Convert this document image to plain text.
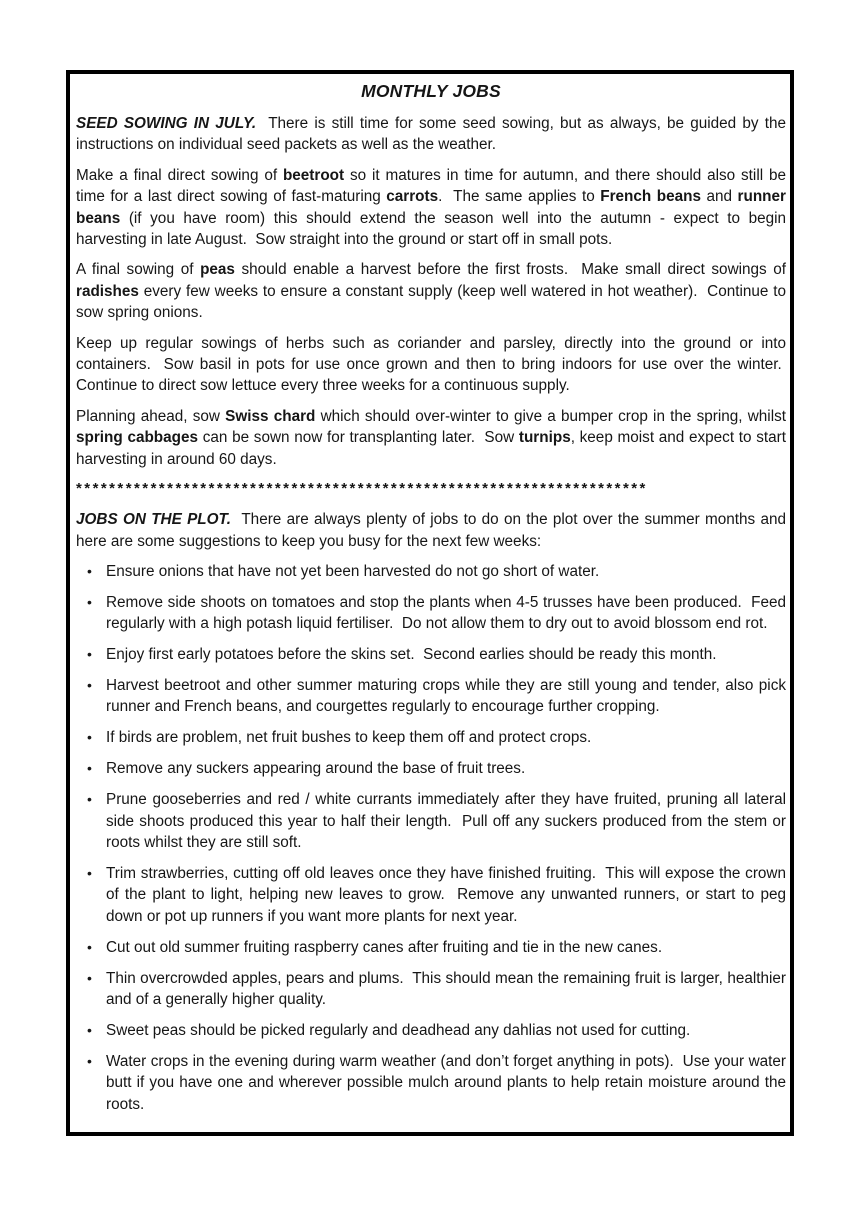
MONTHLY JOBS

SEED SOWING IN JULY.  There is still time for some seed sowing, but as always, be guided by the instructions on individual seed packets as well as the weather.

Make a final direct sowing of beetroot so it matures in time for autumn, and there should also still be time for a last direct sowing of fast-maturing carrots.  The same applies to French beans and runner beans (if you have room) this should extend the season well into the autumn - expect to begin harvesting in late August.  Sow straight into the ground or start off in small pots.

A final sowing of peas should enable a harvest before the first frosts.  Make small direct sowings of radishes every few weeks to ensure a constant supply (keep well watered in hot weather).  Continue to sow spring onions.

Keep up regular sowings of herbs such as coriander and parsley, directly into the ground or into containers.  Sow basil in pots for use once grown and then to bring indoors for use over the winter.  Continue to direct sow lettuce every three weeks for a continuous supply.

Planning ahead, sow Swiss chard which should over-winter to give a bumper crop in the spring, whilst spring cabbages can be sown now for transplanting later.  Sow turnips, keep moist and expect to start harvesting in around 60 days.

*********************************************************************

JOBS ON THE PLOT.  There are always plenty of jobs to do on the plot over the summer months and here are some suggestions to keep you busy for the next few weeks:

• Ensure onions that have not yet been harvested do not go short of water.
• Remove side shoots on tomatoes and stop the plants when 4-5 trusses have been produced.  Feed regularly with a high potash liquid fertiliser.  Do not allow them to dry out to avoid blossom end rot.
• Enjoy first early potatoes before the skins set.  Second earlies should be ready this month.
• Harvest beetroot and other summer maturing crops while they are still young and tender, also pick runner and French beans, and courgettes regularly to encourage further cropping.
• If birds are problem, net fruit bushes to keep them off and protect crops.
• Remove any suckers appearing around the base of fruit trees.
• Prune gooseberries and red / white currants immediately after they have fruited, pruning all lateral side shoots produced this year to half their length.  Pull off any suckers produced from the stem or roots whilst they are still soft.
• Trim strawberries, cutting off old leaves once they have finished fruiting.  This will expose the crown of the plant to light, helping new leaves to grow.  Remove any unwanted runners, or start to peg down or pot up runners if you want more plants for next year.
• Cut out old summer fruiting raspberry canes after fruiting and tie in the new canes.
• Thin overcrowded apples, pears and plums.  This should mean the remaining fruit is larger, healthier and of a generally higher quality.
• Sweet peas should be picked regularly and deadhead any dahlias not used for cutting.
• Water crops in the evening during warm weather (and don’t forget anything in pots).  Use your water butt if you have one and wherever possible mulch around plants to help retain moisture around the roots.
